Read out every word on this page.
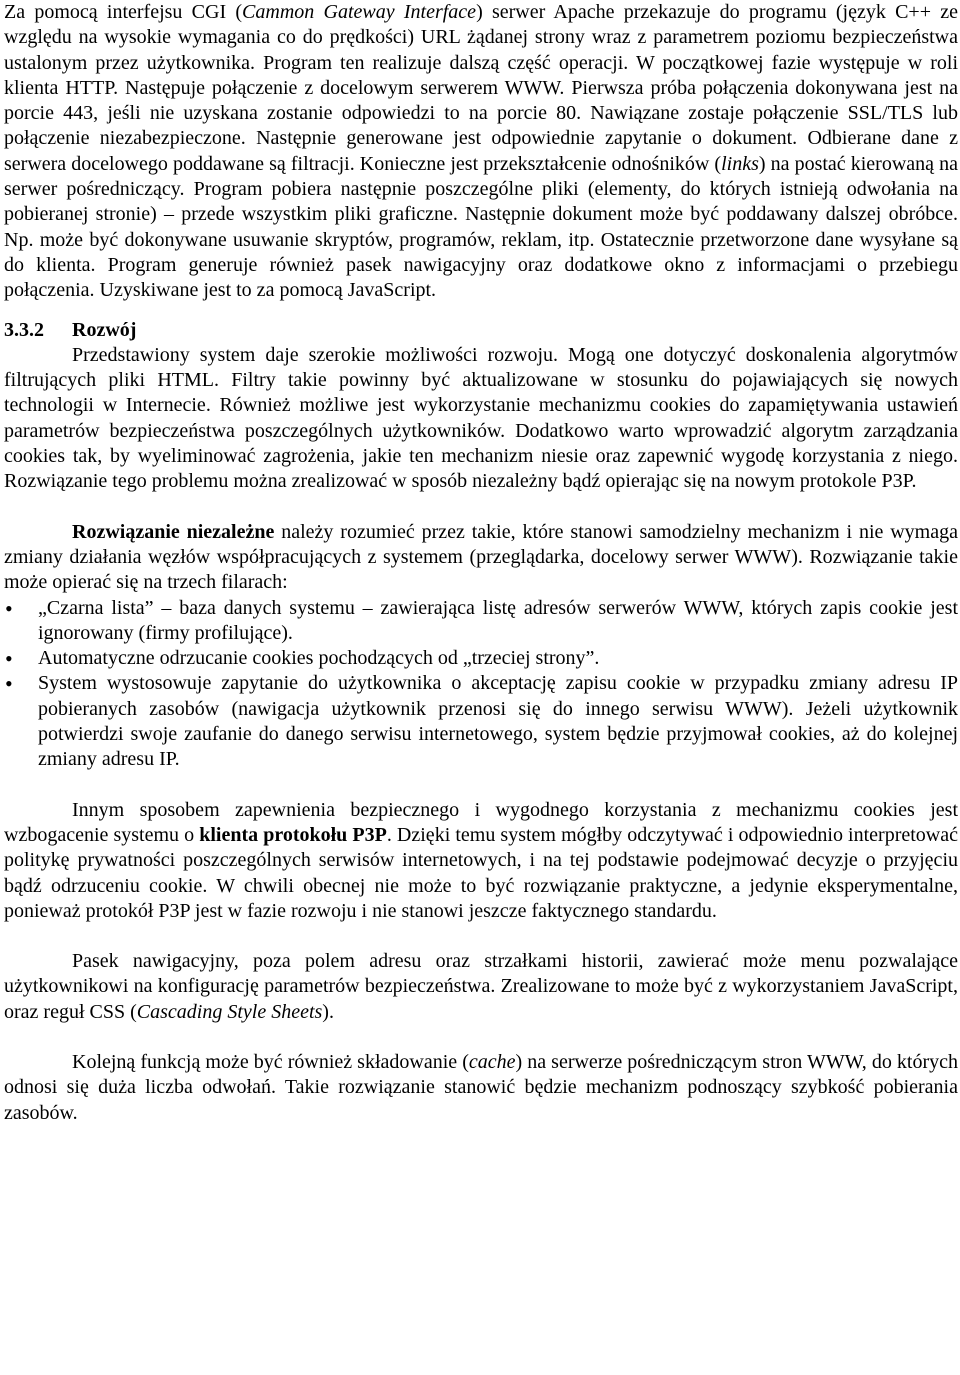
Za pomocą interfejsu CGI (Cammon Gateway Interface) serwer Apache przekazuje do programu (język C++ ze względu na wysokie wymagania co do prędkości) URL żądanej strony wraz z parametrem poziomu bezpieczeństwa ustalonym przez użytkownika. Program ten realizuje dalszą część operacji. W początkowej fazie występuje w roli klienta HTTP. Następuje połączenie z docelowym serwerem WWW. Pierwsza próba połączenia dokonywana jest na porcie 443, jeśli nie uzyskana zostanie odpowiedzi to na porcie 80. Nawiązane zostaje połączenie SSL/TLS lub połączenie niezabezpieczone. Następnie generowane jest odpowiednie zapytanie o dokument. Odbierane dane z serwera docelowego poddawane są filtracji. Konieczne jest przekształcenie odnośników (links) na postać kierowaną na serwer pośredniczący. Program pobiera następnie poszczególne pliki (elementy, do których istnieją odwołania na pobieranej stronie) – przede wszystkim pliki graficzne. Następnie dokument może być poddawany dalszej obróbce. Np. może być dokonywane usuwanie skryptów, programów, reklam, itp. Ostatecznie przetworzone dane wysyłane są do klienta. Program generuje również pasek nawigacyjny oraz dodatkowe okno z informacjami o przebiegu połączenia. Uzyskiwane jest to za pomocą JavaScript.

3.3.2	Rozwój

Przedstawiony system daje szerokie możliwości rozwoju. Mogą one dotyczyć doskonalenia algorytmów filtrujących pliki HTML. Filtry takie powinny być aktualizowane w stosunku do pojawiających się nowych technologii w Internecie. Również możliwe jest wykorzystanie mechanizmu cookies do zapamiętywania ustawień parametrów bezpieczeństwa poszczególnych użytkowników. Dodatkowo warto wprowadzić algorytm zarządzania cookies tak, by wyeliminować zagrożenia, jakie ten mechanizm niesie oraz zapewnić wygodę korzystania z niego. Rozwiązanie tego problemu można zrealizować w sposób niezależny bądź opierając się na nowym protokole P3P.

Rozwiązanie niezależne należy rozumieć przez takie, które stanowi samodzielny mechanizm i nie wymaga zmiany działania węzłów współpracujących z systemem (przeglądarka, docelowy serwer WWW). Rozwiązanie takie może opierać się na trzech filarach:

• „Czarna lista” – baza danych systemu – zawierająca listę adresów serwerów WWW, których zapis cookie jest ignorowany (firmy profilujące).
• Automatyczne odrzucanie cookies pochodzących od „trzeciej strony”.
• System wystosowuje zapytanie do użytkownika o akceptację zapisu cookie w przypadku zmiany adresu IP pobieranych zasobów (nawigacja użytkownik przenosi się do innego serwisu WWW). Jeżeli użytkownik potwierdzi swoje zaufanie do danego serwisu internetowego, system będzie przyjmował cookies, aż do kolejnej zmiany adresu IP.

Innym sposobem zapewnienia bezpiecznego i wygodnego korzystania z mechanizmu cookies jest wzbogacenie systemu o klienta protokołu P3P. Dzięki temu system mógłby odczytywać i odpowiednio interpretować politykę prywatności poszczególnych serwisów internetowych, i na tej podstawie podejmować decyzje o przyjęciu bądź odrzuceniu cookie. W chwili obecnej nie może to być rozwiązanie praktyczne, a jedynie eksperymentalne, ponieważ protokół P3P jest w fazie rozwoju i nie stanowi jeszcze faktycznego standardu.

Pasek nawigacyjny, poza polem adresu oraz strzałkami historii, zawierać może menu pozwalające użytkownikowi na konfigurację parametrów bezpieczeństwa. Zrealizowane to może być z wykorzystaniem JavaScript, oraz reguł CSS (Cascading Style Sheets).

Kolejną funkcją może być również składowanie (cache) na serwerze pośredniczącym stron WWW, do których odnosi się duża liczba odwołań. Takie rozwiązanie stanowić będzie mechanizm podnoszący szybkość pobierania zasobów.
